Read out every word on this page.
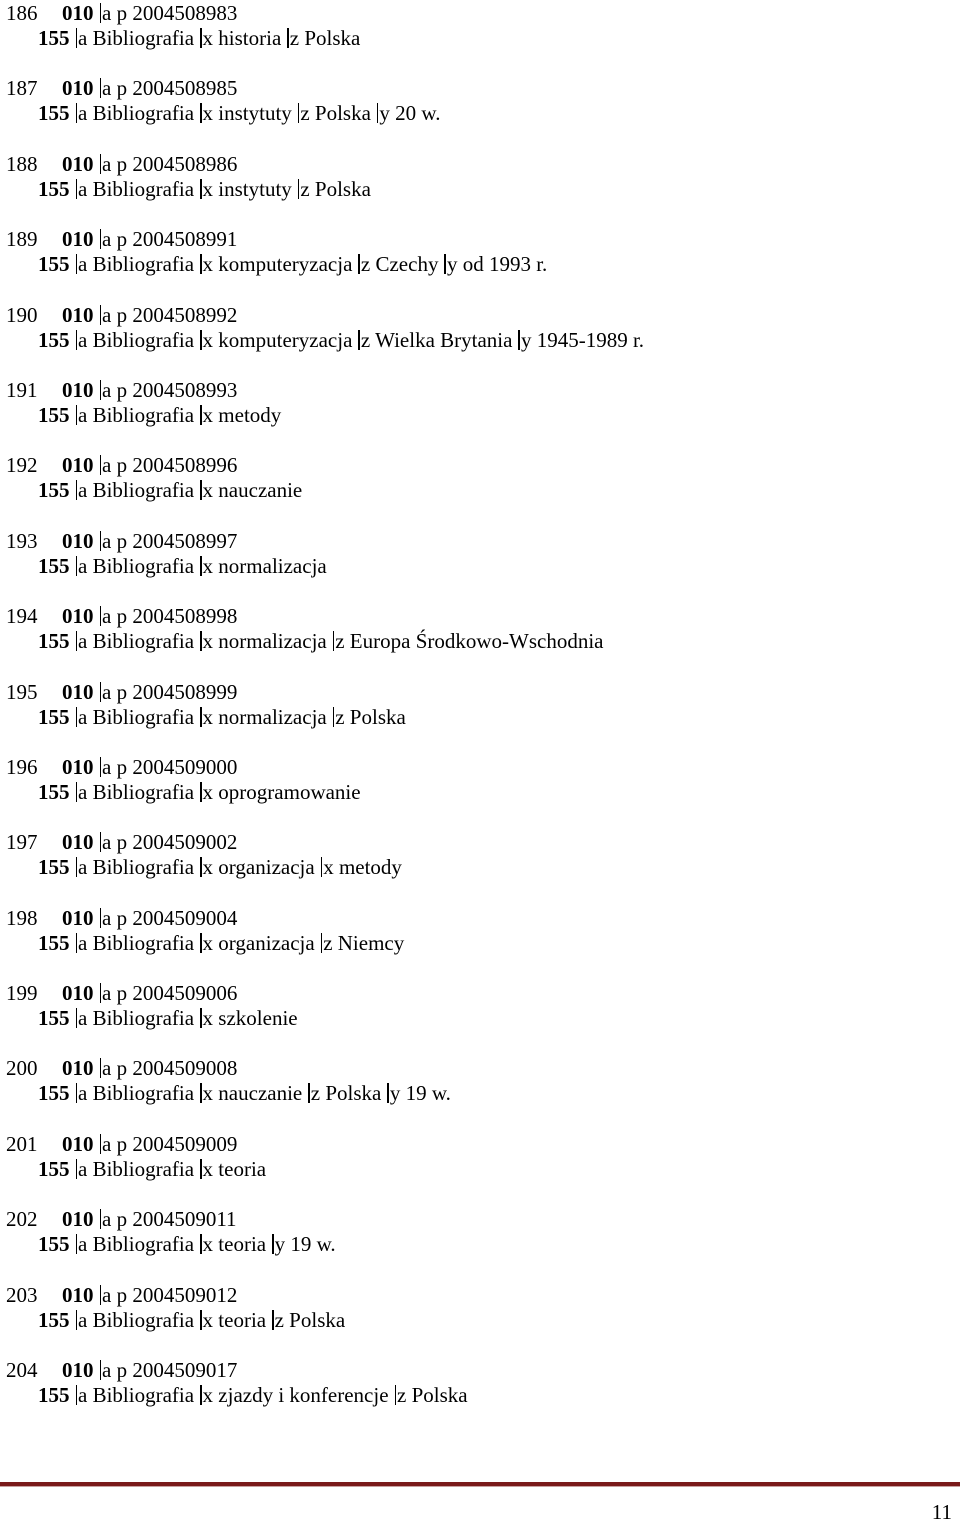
186 010 a p 2004508983
155 a Bibliografia x historia z Polska
187 010 a p 2004508985
155 a Bibliografia x instytuty z Polska y 20 w.
188 010 a p 2004508986
155 a Bibliografia x instytuty z Polska
189 010 a p 2004508991
155 a Bibliografia x komputeryzacja z Czechy y od 1993 r.
190 010 a p 2004508992
155 a Bibliografia x komputeryzacja z Wielka Brytania y 1945-1989 r.
191 010 a p 2004508993
155 a Bibliografia x metody
192 010 a p 2004508996
155 a Bibliografia x nauczanie
193 010 a p 2004508997
155 a Bibliografia x normalizacja
194 010 a p 2004508998
155 a Bibliografia x normalizacja z Europa Środkowo-Wschodnia
195 010 a p 2004508999
155 a Bibliografia x normalizacja z Polska
196 010 a p 2004509000
155 a Bibliografia x oprogramowanie
197 010 a p 2004509002
155 a Bibliografia x organizacja x metody
198 010 a p 2004509004
155 a Bibliografia x organizacja z Niemcy
199 010 a p 2004509006
155 a Bibliografia x szkolenie
200 010 a p 2004509008
155 a Bibliografia x nauczanie z Polska y 19 w.
201 010 a p 2004509009
155 a Bibliografia x teoria
202 010 a p 2004509011
155 a Bibliografia x teoria y 19 w.
203 010 a p 2004509012
155 a Bibliografia x teoria z Polska
204 010 a p 2004509017
155 a Bibliografia x zjazdy i konferencje z Polska
11
